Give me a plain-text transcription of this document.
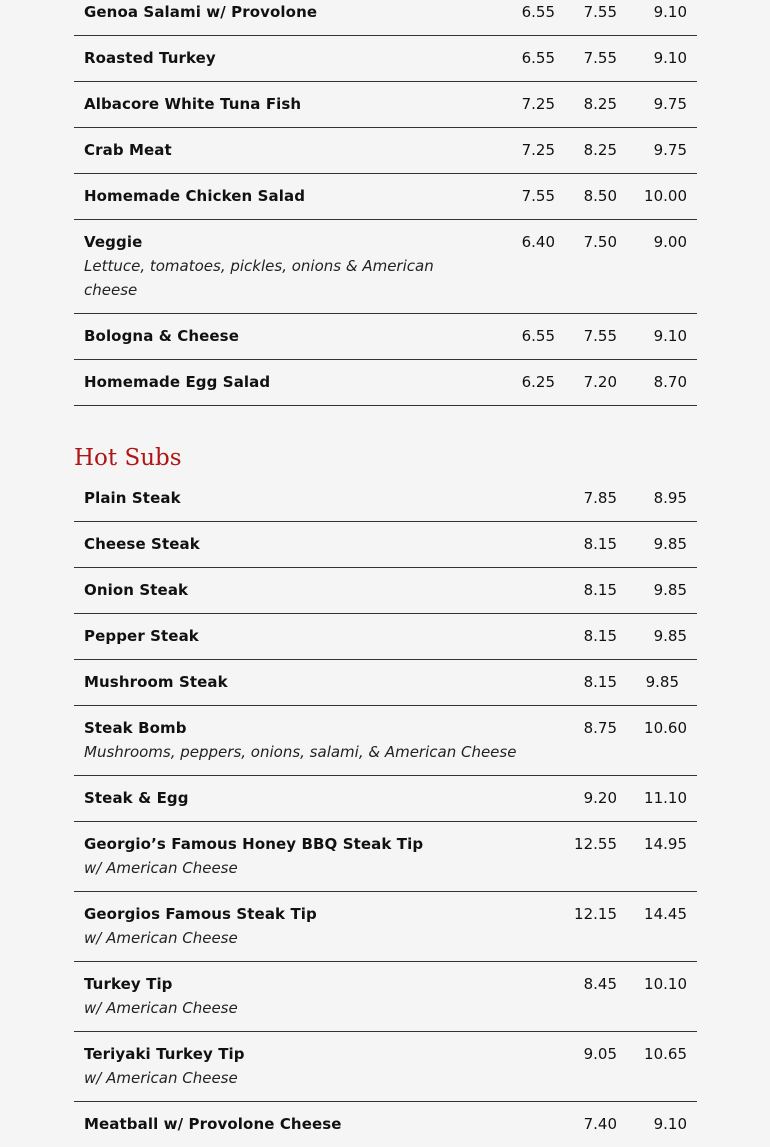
Genoa Salami w/ Provolone	6.55	7.55	9.10
Roasted Turkey	6.55	7.55	9.10
Albacore White Tuna Fish	7.25	8.25	9.75
Crab Meat	7.25	8.25	9.75
Homemade Chicken Salad	7.55	8.50	10.00
Veggie
Lettuce, tomatoes, pickles, onions & American cheese
6.40	7.50	9.00
Bologna & Cheese	6.55	7.55	9.10
Homemade Egg Salad	6.25	7.20	8.70
Hot Subs
Plain Steak	7.85	8.95
Cheese Steak	8.15	9.85
Onion Steak	8.15	9.85
Pepper Steak	8.15	9.85
Mushroom Steak	8.15	9.85
Steak Bomb
Mushrooms, peppers, onions, salami, & American Cheese
8.75	10.60
Steak & Egg	9.20	11.10
Georgio’s Famous Honey BBQ Steak Tip
w/ American Cheese
12.55	14.95
Georgios Famous Steak Tip
w/ American Cheese
12.15	14.45
Turkey Tip
w/ American Cheese
8.45	10.10
Teriyaki Turkey Tip
w/ American Cheese
9.05	10.65
Meatball w/ Provolone Cheese	7.40	9.10
